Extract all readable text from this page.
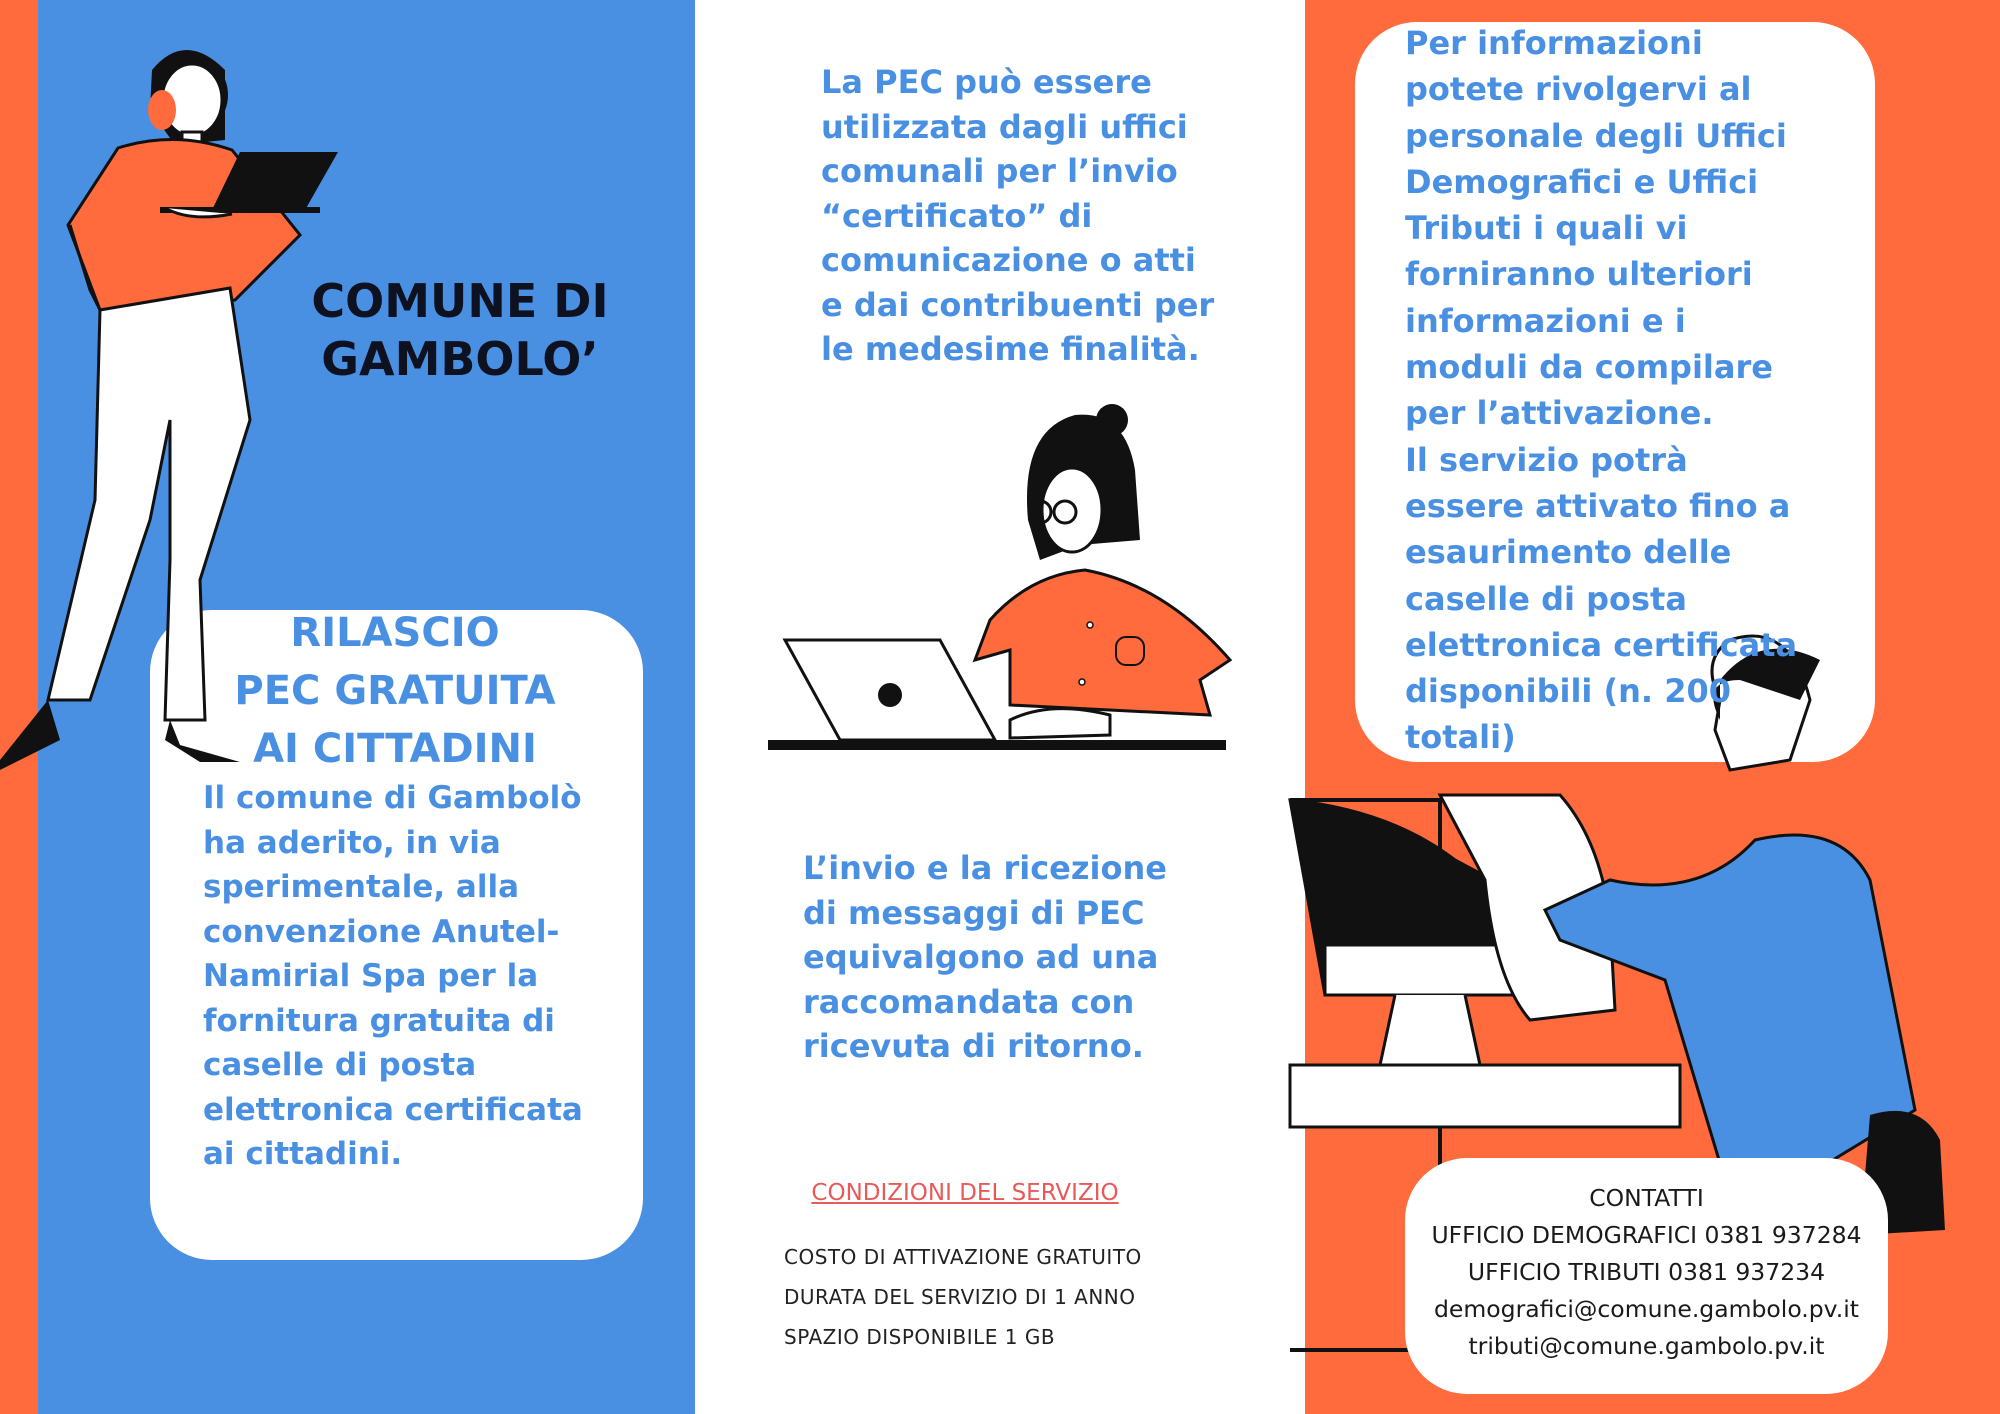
COMUNE DI
GAMBOLO’
RILASCIO
PEC GRATUITA
AI CITTADINI
Il comune di Gambolò
ha aderito, in via
sperimentale, alla
convenzione Anutel-
Namirial Spa per la
fornitura gratuita di
caselle di posta
elettronica certificata
ai cittadini.
La PEC può essere
utilizzata dagli uffici
comunali per l’invio
“certificato” di
comunicazione o atti
e dai contribuenti per
le medesime finalità.
L’invio e la ricezione
di messaggi di PEC
equivalgono ad una
raccomandata con
ricevuta di ritorno.
CONDIZIONI DEL SERVIZIO
COSTO DI ATTIVAZIONE GRATUITO
DURATA DEL SERVIZIO DI 1 ANNO
SPAZIO DISPONIBILE 1 GB
Per informazioni
potete rivolgervi al
personale degli Uffici
Demografici e Uffici
Tributi i quali vi
forniranno ulteriori
informazioni e i
moduli da compilare
per l’attivazione.
Il servizio potrà
essere attivato fino a
esaurimento delle
caselle di posta
elettronica certificata
disponibili (n. 200
totali)
CONTATTI
UFFICIO DEMOGRAFICI 0381 937284
UFFICIO TRIBUTI 0381 937234
demografici@comune.gambolo.pv.it
tributi@comune.gambolo.pv.it
